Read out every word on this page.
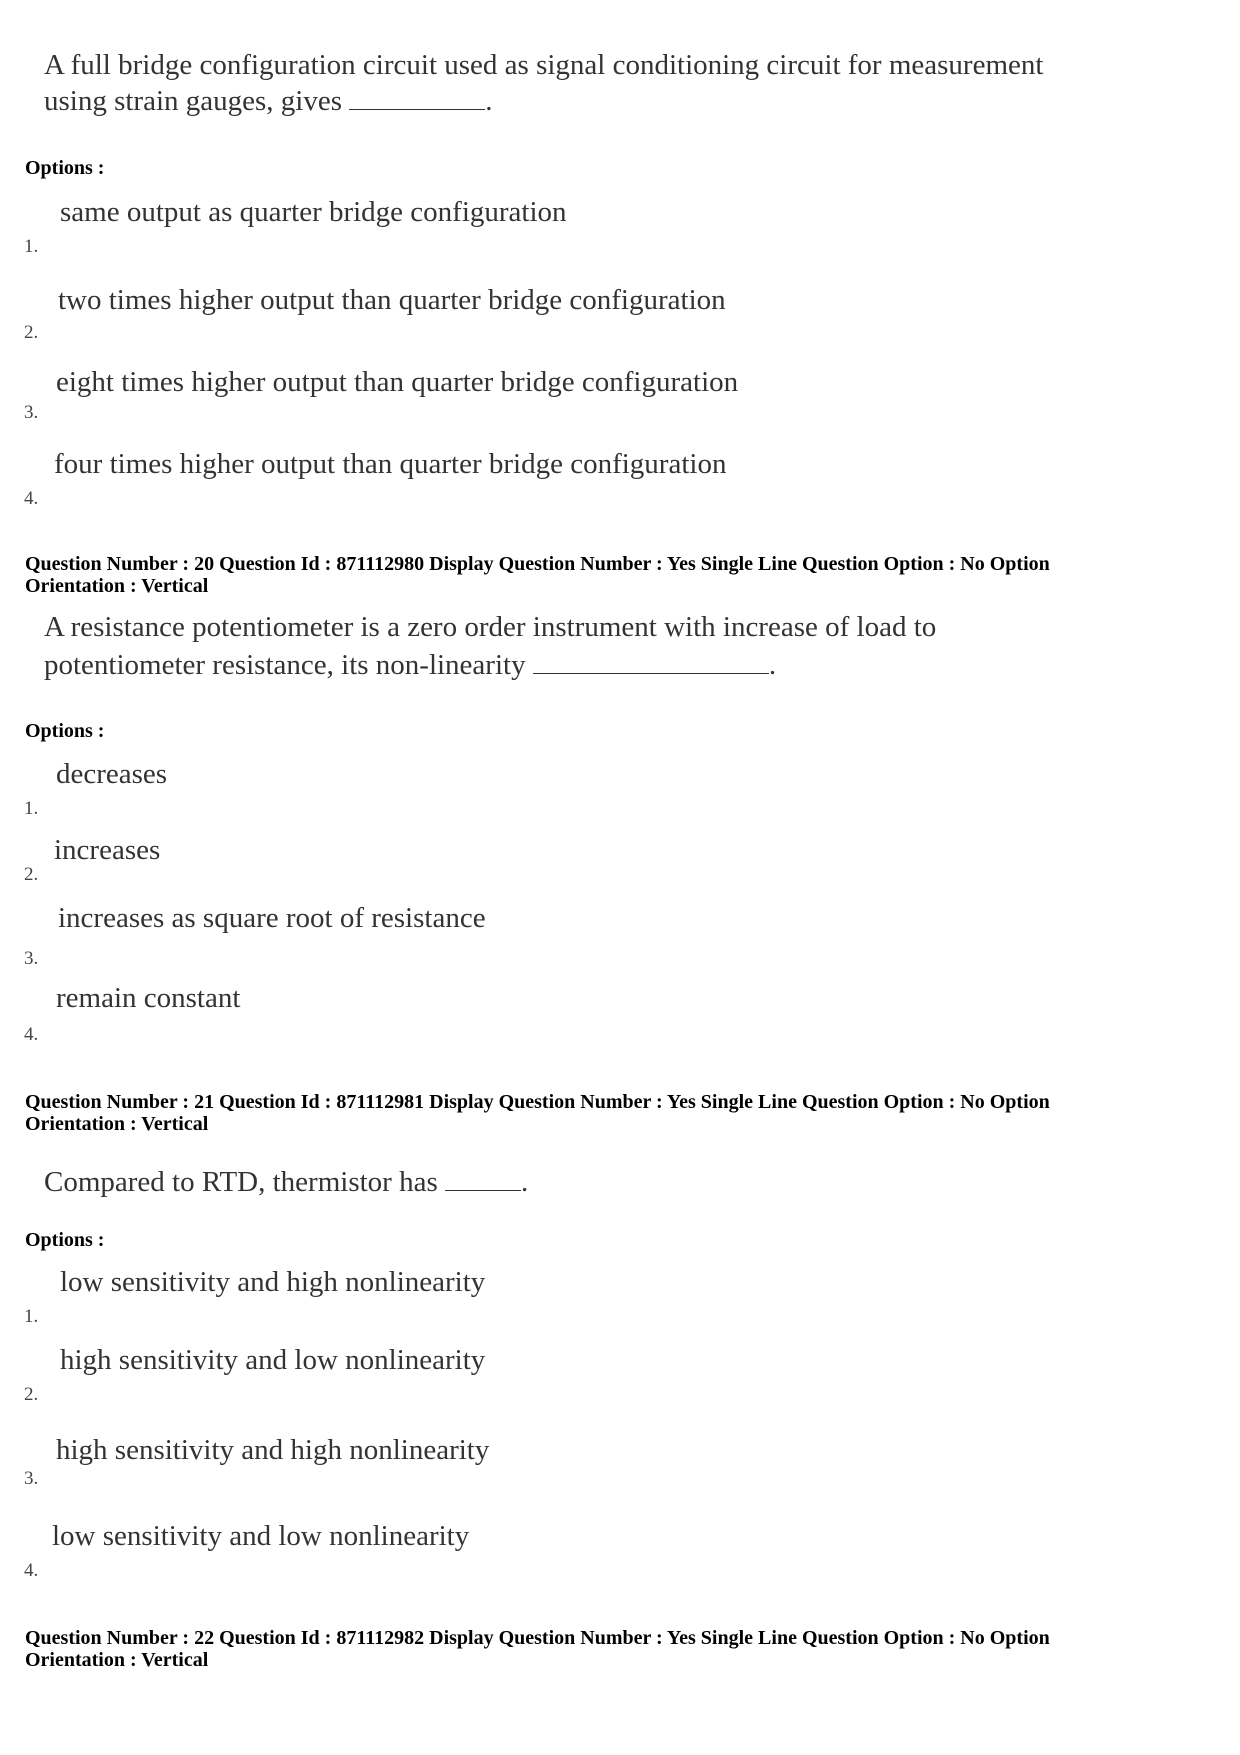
A full bridge configuration circuit used as signal conditioning circuit for measurement
using strain gauges, gives	.
Options :
same output as quarter bridge configuration
1.
two times higher output than quarter bridge configuration
2.
eight times higher output than quarter bridge configuration
3.
four times higher output than quarter bridge configuration
4.
Question Number : 20 Question Id : 871112980 Display Question Number : Yes Single Line Question Option : No Option
Orientation : Vertical
A resistance potentiometer is a zero order instrument with increase of load to
potentiometer resistance, its non-linearity	.
Options :
decreases
1.
increases
2.
increases as square root of resistance
3.
remain constant
4.
Question Number : 21 Question Id : 871112981 Display Question Number : Yes Single Line Question Option : No Option
Orientation : Vertical
Compared to RTD, thermistor has	.
Options :
low sensitivity and high nonlinearity
1.
high sensitivity and low nonlinearity
2.
high sensitivity and high nonlinearity
3.
low sensitivity and low nonlinearity
4.
Question Number : 22 Question Id : 871112982 Display Question Number : Yes Single Line Question Option : No Option
Orientation : Vertical
